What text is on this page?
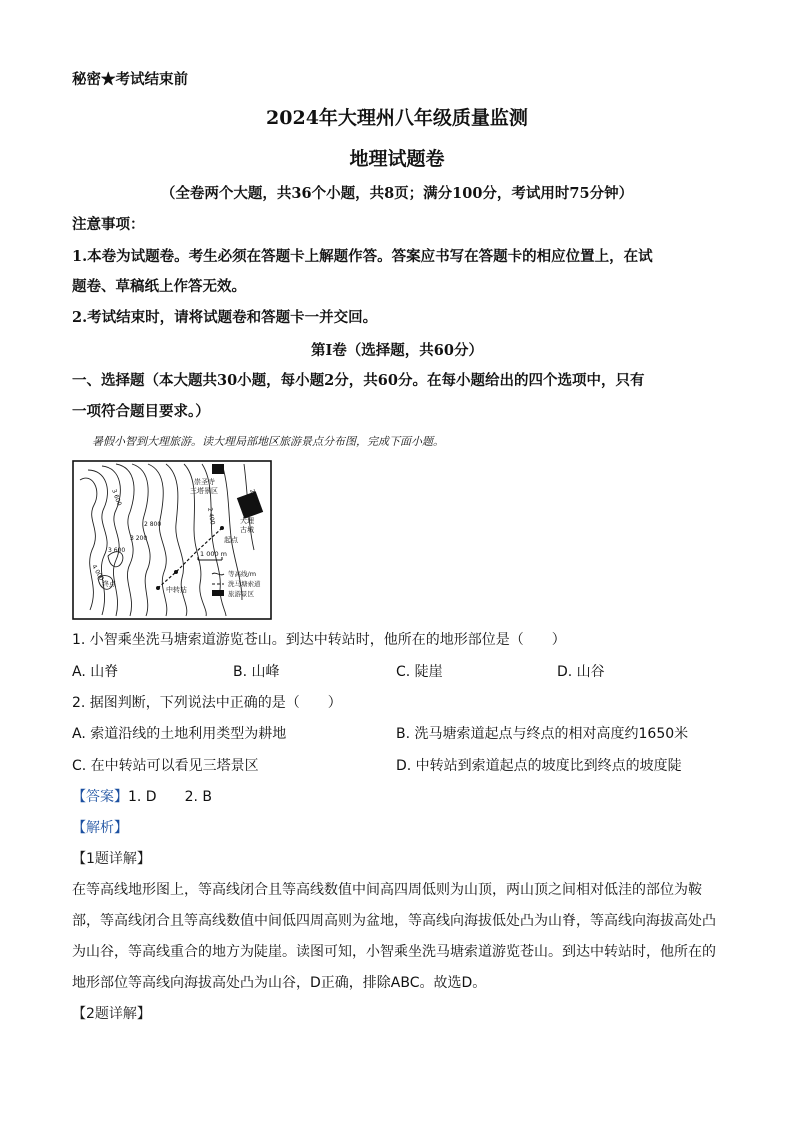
秘密★考试结束前
2024年大理州八年级质量监测
地理试题卷
（全卷两个大题，共36个小题，共8页；满分100分，考试用时75分钟）
注意事项：
1.本卷为试题卷。考生必须在答题卡上解题作答。答案应书写在答题卡的相应位置上，在试
题卷、草稿纸上作答无效。
2.考试结束时，请将试题卷和答题卡一并交回。
第Ⅰ卷（选择题，共60分）
一、选择题（本大题共30小题，每小题2分，共60分。在每小题给出的四个选项中，只有
一项符合题目要求。）
暑假小智到大理旅游。读大理局部地区旅游景点分布图，完成下面小题。
崇圣寺
三塔景区
大理
古城
起点
终点
中转站
2 000
2 400
2 800
3 200
3 600
4 000
3 600
1 000 m
等高线/m
洗马塘索道
旅游景区
1. 小智乘坐洗马塘索道游览苍山。到达中转站时，他所在的地形部位是（　　）
A. 山脊	B. 山峰	C. 陡崖	D. 山谷
2. 据图判断，下列说法中正确的是（　　）
A. 索道沿线的土地利用类型为耕地	B. 洗马塘索道起点与终点的相对高度约1650米
C. 在中转站可以看见三塔景区	D. 中转站到索道起点的坡度比到终点的坡度陡
【答案】1. D　　2. B
【解析】
【1题详解】
在等高线地形图上，等高线闭合且等高线数值中间高四周低则为山顶，两山顶之间相对低洼的部位为鞍
部，等高线闭合且等高线数值中间低四周高则为盆地，等高线向海拔低处凸为山脊，等高线向海拔高处凸
为山谷，等高线重合的地方为陡崖。读图可知，小智乘坐洗马塘索道游览苍山。到达中转站时，他所在的
地形部位等高线向海拔高处凸为山谷，D正确，排除ABC。故选D。
【2题详解】
